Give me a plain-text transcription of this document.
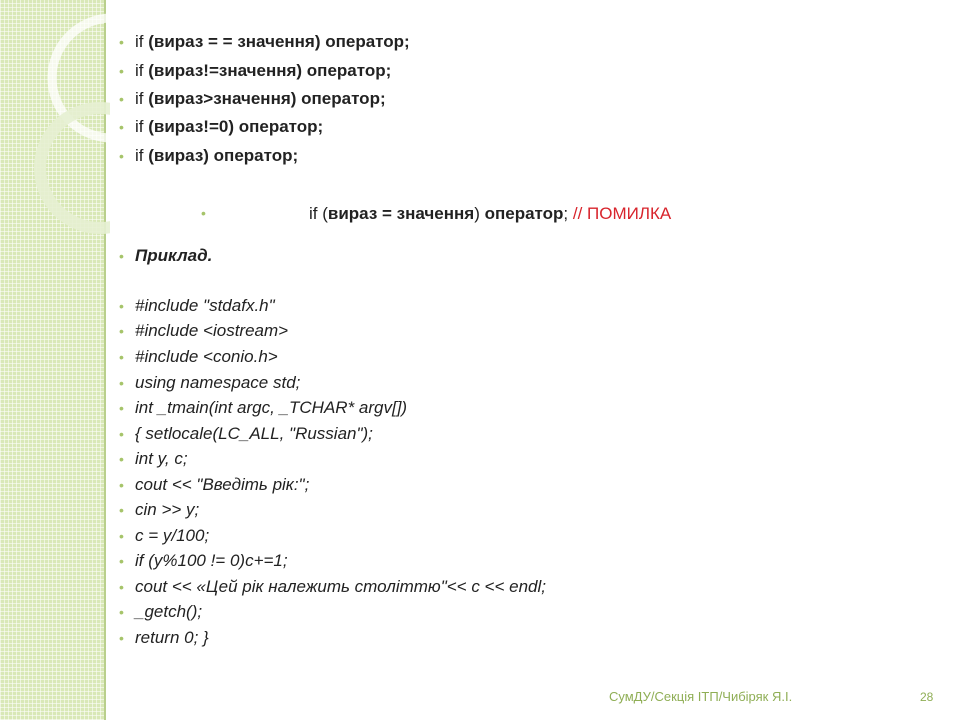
• if (вираз = = значення) оператор;
• if (вираз!=значення) оператор;
• if (вираз>значення) оператор;
• if (вираз!=0) оператор;
• if (вираз) оператор;
•	if (вираз = значення) оператор; // ПОМИЛКА
• Приклад.
• #include "stdafx.h"
• #include <iostream>
• #include <conio.h>
• using namespace std;
• int _tmain(int argc, _TCHAR* argv[])
• { setlocale(LC_ALL, "Russian");
• int y, c;
• cout << "Введіть рік:";
• cin >> y;
• c = y/100;
• if (y%100 != 0)c+=1;
• cout << «Цей рік належить століттю"<< c << endl;
• _getch();
• return 0; }
СумДУ/Секція ІТП/Чибіряк Я.І.	28
